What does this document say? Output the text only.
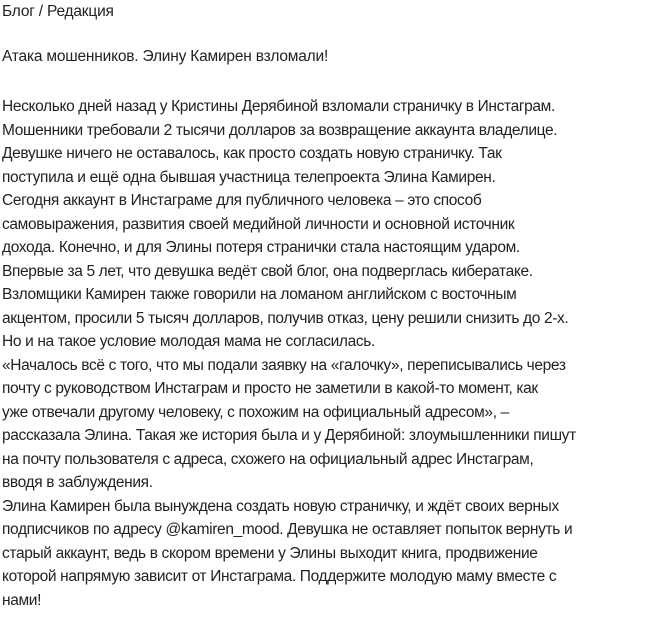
Блог / Редакция
Атака мошенников. Элину Камирен взломали!
Несколько дней назад у Кристины Дерябиной взломали страничку в Инстаграм.
Мошенники требовали 2 тысячи долларов за возвращение аккаунта владелице.
Девушке ничего не оставалось, как просто создать новую страничку. Так
поступила и ещё одна бывшая участница телепроекта Элина Камирен.
Сегодня аккаунт в Инстаграме для публичного человека – это способ
самовыражения, развития своей медийной личности и основной источник
дохода. Конечно, и для Элины потеря странички стала настоящим ударом.
Впервые за 5 лет, что девушка ведёт свой блог, она подверглась кибератаке.
Взломщики Камирен также говорили на ломаном английском с восточным
акцентом, просили 5 тысяч долларов, получив отказ, цену решили снизить до 2-х.
Но и на такое условие молодая мама не согласилась.
«Началось всё с того, что мы подали заявку на «галочку», переписывались через
почту с руководством Инстаграм и просто не заметили в какой-то момент, как
уже отвечали другому человеку, с похожим на официальный адресом», –
рассказала Элина. Такая же история была и у Дерябиной: злоумышленники пишут
на почту пользователя с адреса, схожего на официальный адрес Инстаграм,
вводя в заблуждения.
Элина Камирен была вынуждена создать новую страничку, и ждёт своих верных
подписчиков по адресу @kamiren_mood. Девушка не оставляет попыток вернуть и
старый аккаунт, ведь в скором времени у Элины выходит книга, продвижение
которой напрямую зависит от Инстаграма. Поддержите молодую маму вместе с
нами!
